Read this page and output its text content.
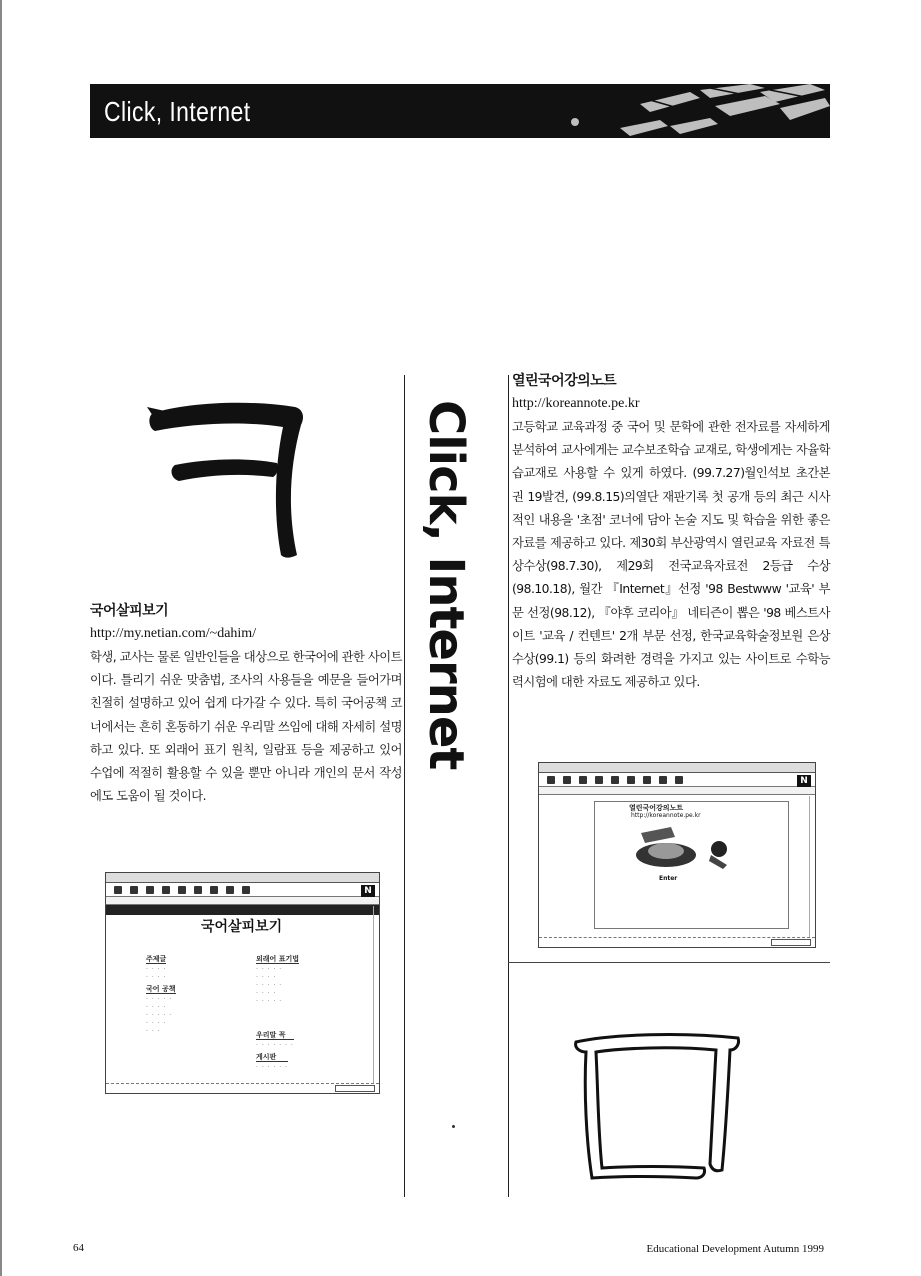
Click, Internet
Click, Internet
국어살피보기
http://my.netian.com/~dahim/
학생, 교사는 물론 일반인들을 대상으로 한국어에 관한 사이트이다. 틀리기 쉬운 맞춤법, 조사의 사용들을 예문을 들어가며 친절히 설명하고 있어 쉽게 다가갈 수 있다. 특히 국어공책 코너에서는 흔히 혼동하기 쉬운 우리말 쓰임에 대해 자세히 설명하고 있다. 또 외래어 표기 원칙, 일람표 등을 제공하고 있어 수업에 적절히 활용할 수 있을 뿐만 아니라 개인의 문서 작성에도 도움이 될 것이다.
열린국어강의노트
http://koreannote.pe.kr
고등학교 교육과정 중 국어 및 문학에 관한 전자료를 자세하게 분석하여 교사에게는 교수보조학습 교재로, 학생에게는 자율학습교재로 사용할 수 있게 하였다. (99.7.27)월인석보 초간본 권 19발견, (99.8.15)의열단 재판기록 첫 공개 등의 최근 시사적인 내용을 '초점' 코너에 담아 논술 지도 및 학습을 위한 좋은 자료를 제공하고 있다. 제30회 부산광역시 열린교육 자료전 특상수상(98.7.30), 제29회 전국교육자료전 2등급 수상(98.10.18), 월간 『Internet』선정 '98 Bestwww '교육' 부문 선정(98.12), 『야후 코리아』 네티즌이 뽑은 '98 베스트사이트 '교육 / 컨텐트' 2개 부문 선정, 한국교육학술정보원 은상 수상(99.1) 등의 화려한 경력을 가지고 있는 사이트로 수학능력시험에 대한 자료도 제공하고 있다.
N
국어살피보기
주제글
· · · ·
· · · ·
국어 공책
· · · · ·
· · · ·
· · · · ·
· · · ·
· · ·
외래어 표기법
· · · · ·
· · · ·
· · · · ·
· · · ·
· · · · ·
우리말 꼭
· · · · · · ·
게시판
· · · · · ·
N
열린국어강의노트
http://koreannote.pe.kr
Enter
64	Educational Development Autumn 1999
